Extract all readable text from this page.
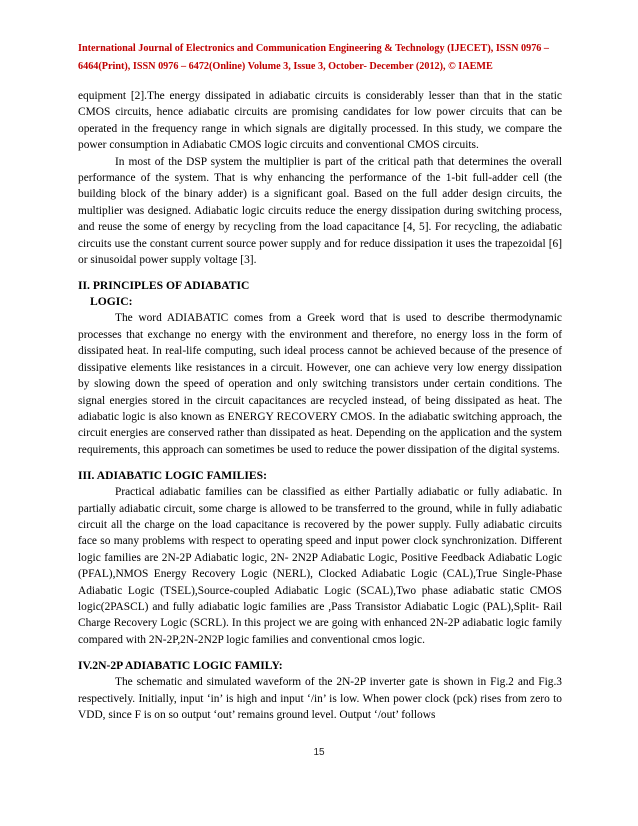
International Journal of Electronics and Communication Engineering & Technology (IJECET), ISSN 0976 –
6464(Print), ISSN 0976 – 6472(Online) Volume 3, Issue 3, October- December (2012), © IAEME

equipment [2].The energy dissipated in adiabatic circuits is considerably lesser than that in the static CMOS circuits, hence adiabatic circuits are promising candidates for low power circuits that can be operated in the frequency range in which signals are digitally processed. In this study, we compare the power consumption in Adiabatic CMOS logic circuits and conventional CMOS circuits.

In most of the DSP system the multiplier is part of the critical path that determines the overall performance of the system. That is why enhancing the performance of the 1-bit full-adder cell (the building block of the binary adder) is a significant goal. Based on the full adder design circuits, the multiplier was designed. Adiabatic logic circuits reduce the energy dissipation during switching process, and reuse the some of energy by recycling from the load capacitance [4, 5]. For recycling, the adiabatic circuits use the constant current source power supply and for reduce dissipation it uses the trapezoidal [6] or sinusoidal power supply voltage [3].

II. PRINCIPLES OF ADIABATIC
LOGIC:

The word ADIABATIC comes from a Greek word that is used to describe thermodynamic processes that exchange no energy with the environment and therefore, no energy loss in the form of dissipated heat. In real-life computing, such ideal process cannot be achieved because of the presence of dissipative elements like resistances in a circuit. However, one can achieve very low energy dissipation by slowing down the speed of operation and only switching transistors under certain conditions. The signal energies stored in the circuit capacitances are recycled instead, of being dissipated as heat. The adiabatic logic is also known as ENERGY RECOVERY CMOS. In the adiabatic switching approach, the circuit energies are conserved rather than dissipated as heat. Depending on the application and the system requirements, this approach can sometimes be used to reduce the power dissipation of the digital systems.

III. ADIABATIC LOGIC FAMILIES:

Practical adiabatic families can be classified as either Partially adiabatic or fully adiabatic. In partially adiabatic circuit, some charge is allowed to be transferred to the ground, while in fully adiabatic circuit all the charge on the load capacitance is recovered by the power supply. Fully adiabatic circuits face so many problems with respect to operating speed and input power clock synchronization. Different logic families are 2N-2P Adiabatic logic, 2N- 2N2P Adiabatic Logic, Positive Feedback Adiabatic Logic (PFAL),NMOS Energy Recovery Logic (NERL), Clocked Adiabatic Logic (CAL),True Single-Phase Adiabatic Logic (TSEL),Source-coupled Adiabatic Logic (SCAL),Two phase adiabatic static CMOS logic(2PASCL) and fully adiabatic logic families are ,Pass Transistor Adiabatic Logic (PAL),Split- Rail Charge Recovery Logic (SCRL). In this project we are going with enhanced 2N-2P adiabatic logic family compared with 2N-2P,2N-2N2P logic families and conventional cmos logic.

IV.2N-2P ADIABATIC LOGIC FAMILY:

The schematic and simulated waveform of the 2N-2P inverter gate is shown in Fig.2 and Fig.3 respectively. Initially, input ‘in’ is high and input ‘/in’ is low. When power clock (pck) rises from zero to VDD, since F is on so output ‘out’ remains ground level. Output ‘/out’ follows

15
